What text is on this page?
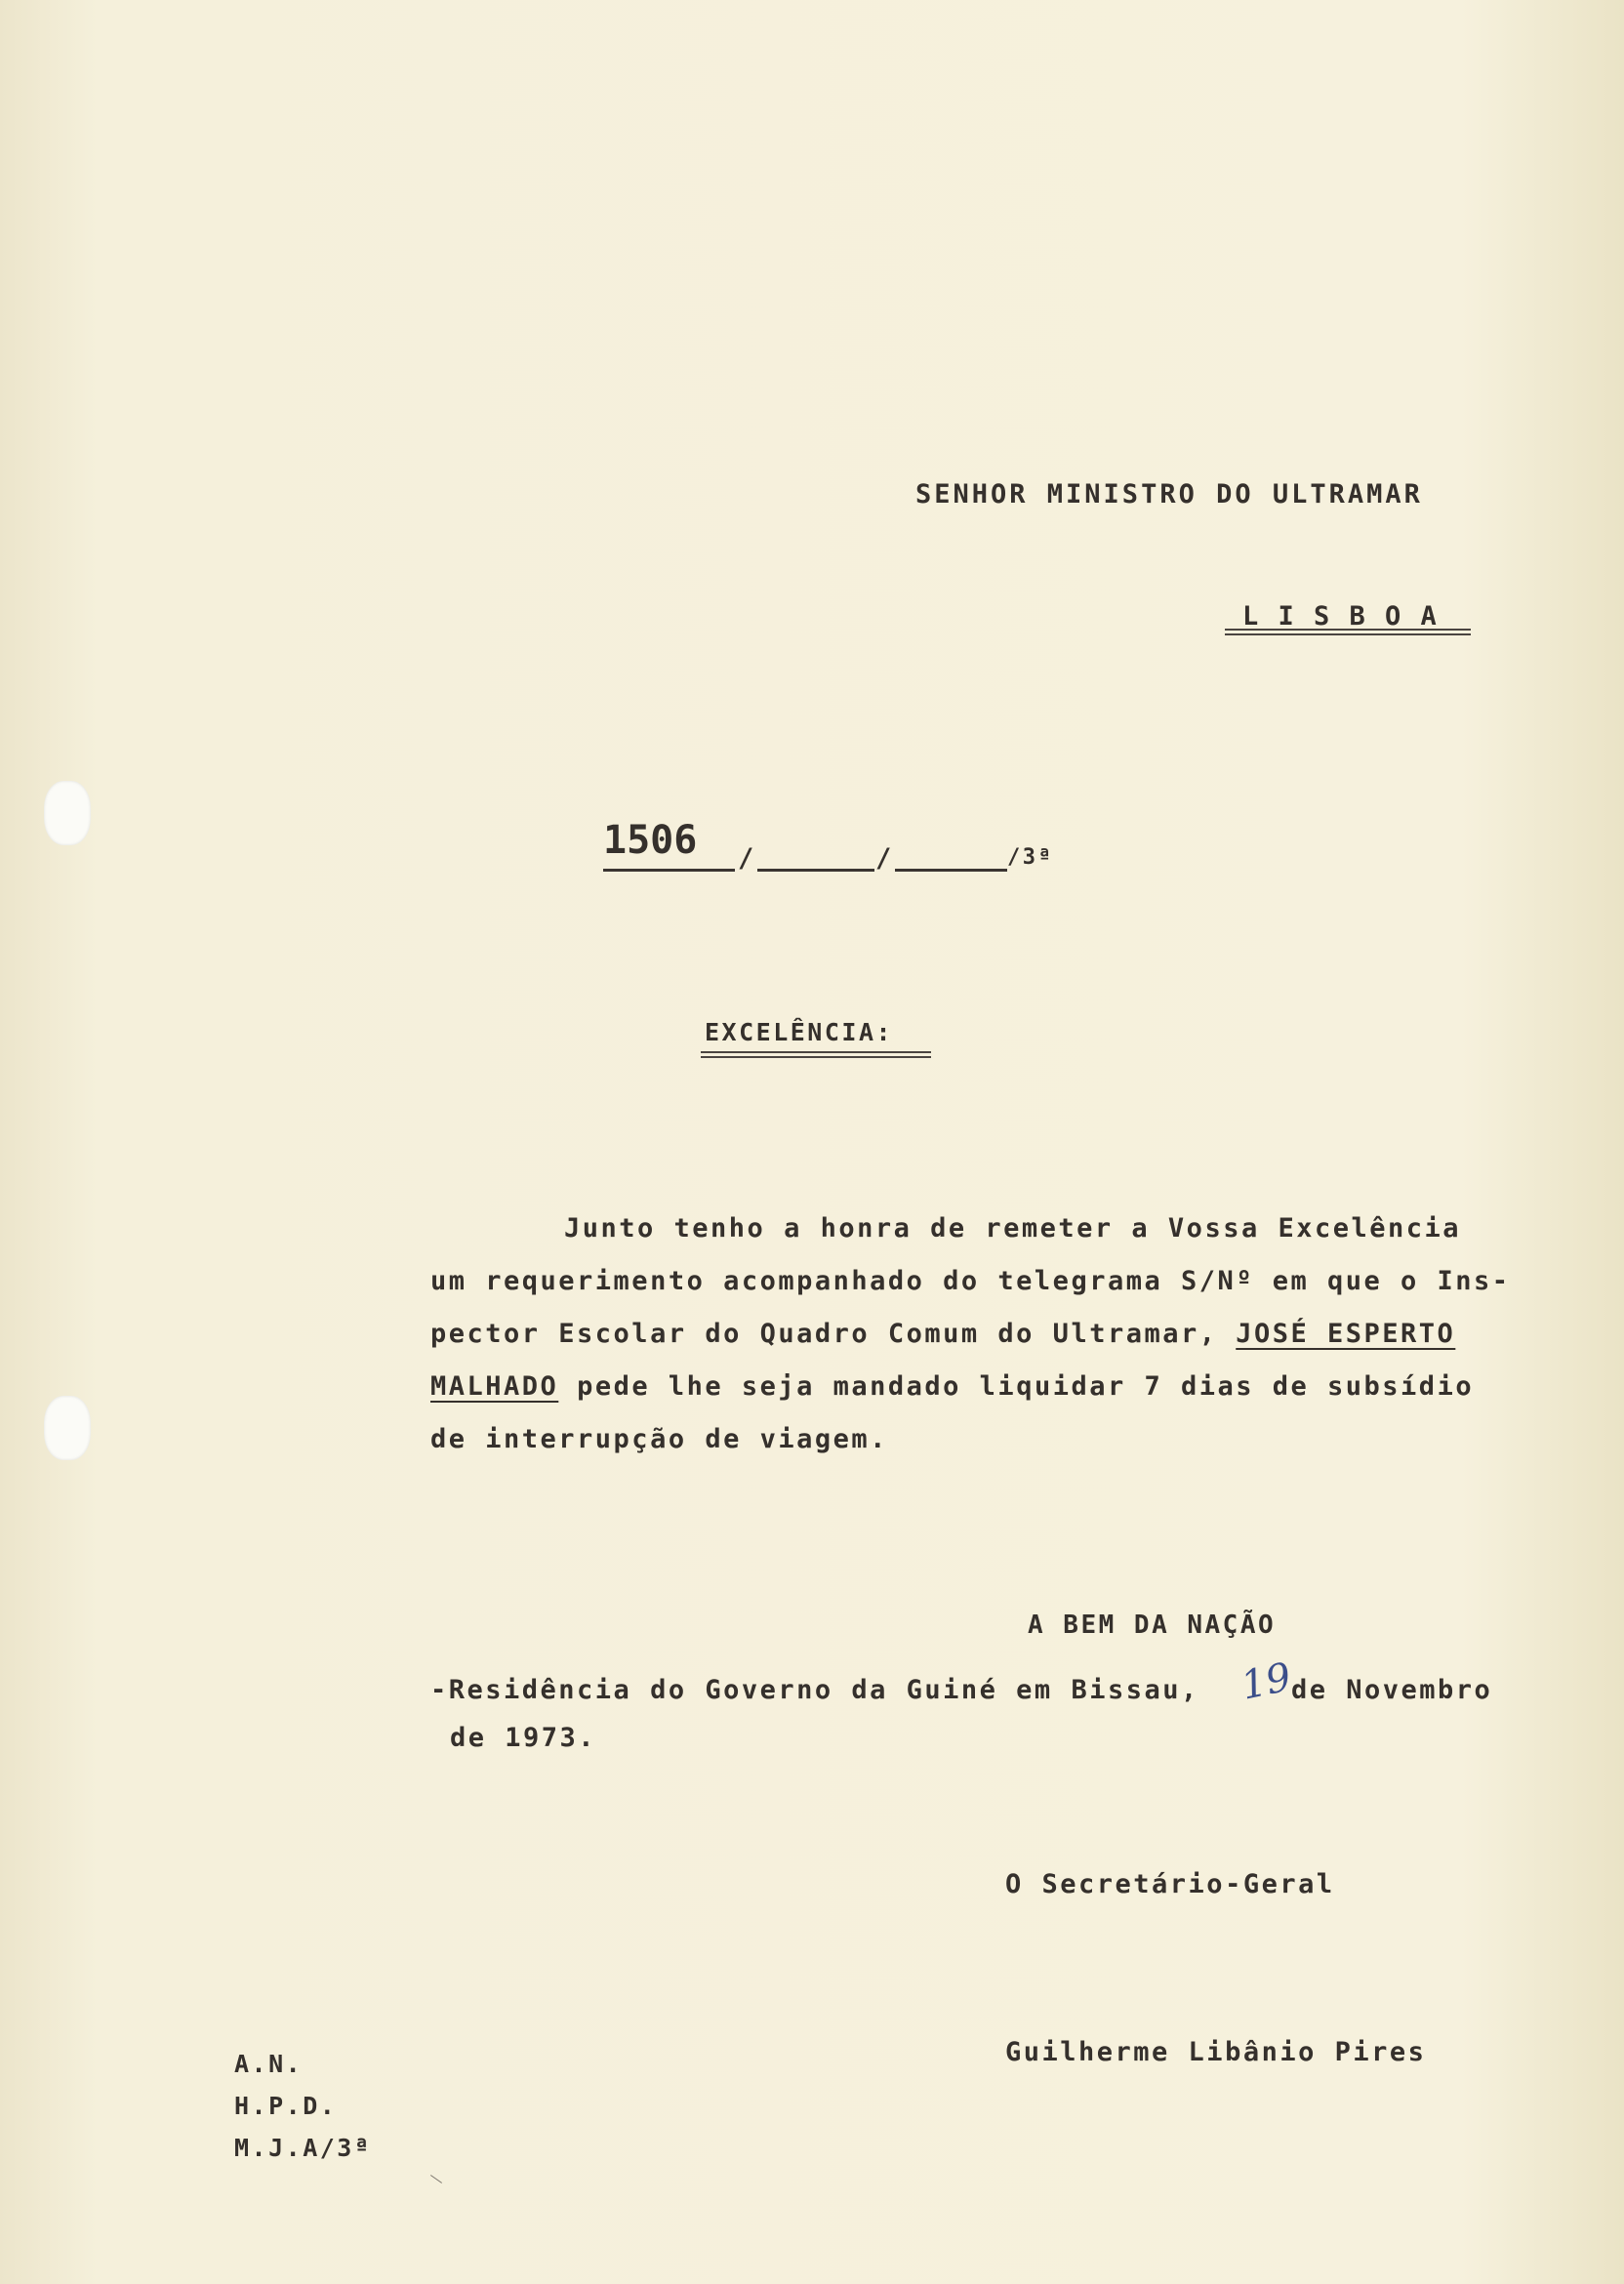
SENHOR MINISTRO DO ULTRAMAR
L I S B O A
1506 /	/	/3ª
EXCELÊNCIA:
Junto tenho a honra de remeter a Vossa Excelência
um requerimento acompanhado do telegrama S/Nº em que o Ins-
pector Escolar do Quadro Comum do Ultramar, JOSÉ ESPERTO
MALHADO pede lhe seja mandado liquidar 7 dias de subsídio
de interrupção de viagem.
A BEM DA NAÇÃO
-Residência do Governo da Guiné em Bissau, 19
de Novembro
de 1973.
O Secretário-Geral
Guilherme Libânio Pires
A.N.
H.P.D.
M.J.A/3ª
